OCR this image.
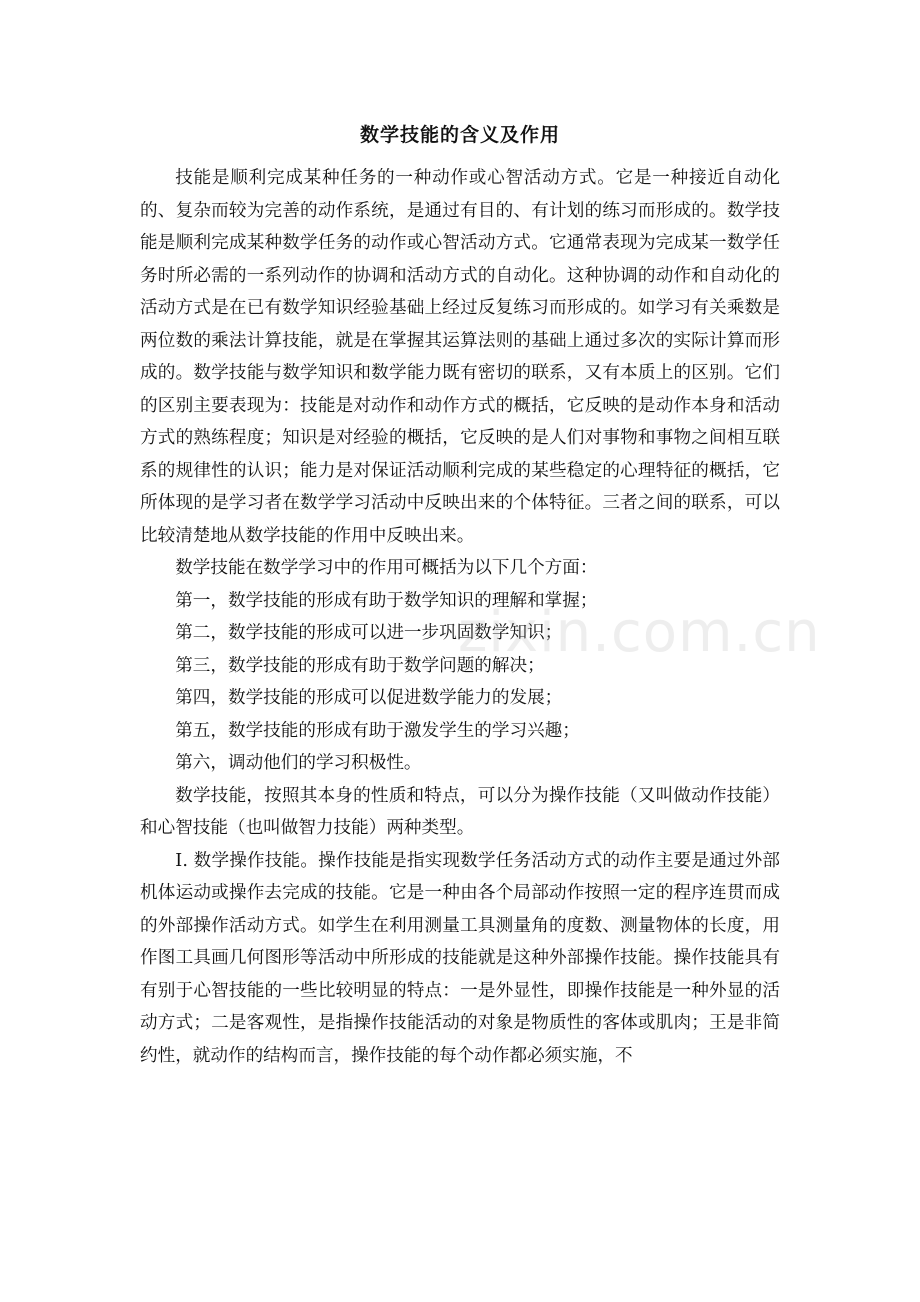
数学技能的含义及作用

技能是顺利完成某种任务的一种动作或心智活动方式。它是一种接近自动化的、复杂而较为完善的动作系统，是通过有目的、有计划的练习而形成的。数学技能是顺利完成某种数学任务的动作或心智活动方式。它通常表现为完成某一数学任务时所必需的一系列动作的协调和活动方式的自动化。这种协调的动作和自动化的活动方式是在已有数学知识经验基础上经过反复练习而形成的。如学习有关乘数是两位数的乘法计算技能，就是在掌握其运算法则的基础上通过多次的实际计算而形成的。数学技能与数学知识和数学能力既有密切的联系，又有本质上的区别。它们的区别主要表现为：技能是对动作和动作方式的概括，它反映的是动作本身和活动方式的熟练程度；知识是对经验的概括，它反映的是人们对事物和事物之间相互联系的规律性的认识；能力是对保证活动顺利完成的某些稳定的心理特征的概括，它所体现的是学习者在数学学习活动中反映出来的个体特征。三者之间的联系，可以比较清楚地从数学技能的作用中反映出来。

数学技能在数学学习中的作用可概括为以下几个方面：

第一，数学技能的形成有助于数学知识的理解和掌握；

第二，数学技能的形成可以进一步巩固数学知识；

第三，数学技能的形成有助于数学问题的解决；

第四，数学技能的形成可以促进数学能力的发展；

第五，数学技能的形成有助于激发学生的学习兴趣；

第六，调动他们的学习积极性。

数学技能，按照其本身的性质和特点，可以分为操作技能（又叫做动作技能）和心智技能（也叫做智力技能）两种类型。

Ⅰ. 数学操作技能。操作技能是指实现数学任务活动方式的动作主要是通过外部机体运动或操作去完成的技能。它是一种由各个局部动作按照一定的程序连贯而成的外部操作活动方式。如学生在利用测量工具测量角的度数、测量物体的长度，用作图工具画几何图形等活动中所形成的技能就是这种外部操作技能。操作技能具有有别于心智技能的一些比较明显的特点：一是外显性，即操作技能是一种外显的活动方式；二是客观性，是指操作技能活动的对象是物质性的客体或肌肉；王是非简约性，就动作的结构而言，操作技能的每个动作都必须实施，不

zixin.com.cn
